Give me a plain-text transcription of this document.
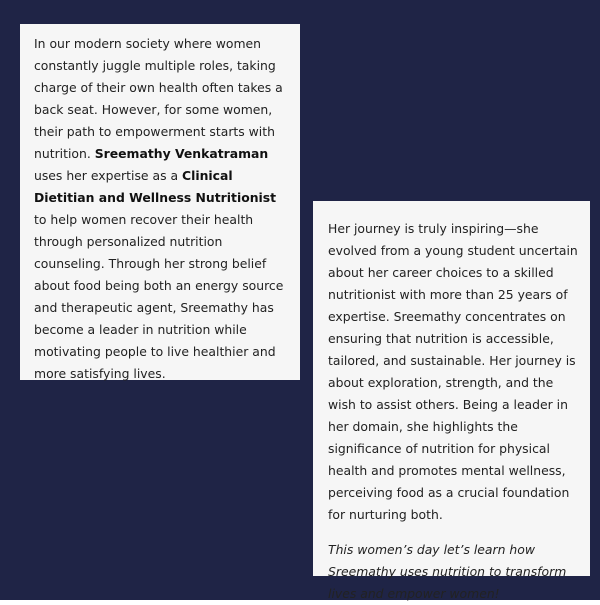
In our modern society where women constantly juggle multiple roles, taking charge of their own health often takes a back seat. However, for some women, their path to empowerment starts with nutrition. Sreemathy Venkatraman uses her expertise as a Clinical Dietitian and Wellness Nutritionist to help women recover their health through personalized nutrition counseling. Through her strong belief about food being both an energy source and therapeutic agent, Sreemathy has become a leader in nutrition while motivating people to live healthier and more satisfying lives.

Her journey is truly inspiring—she evolved from a young student uncertain about her career choices to a skilled nutritionist with more than 25 years of expertise. Sreemathy concentrates on ensuring that nutrition is accessible, tailored, and sustainable. Her journey is about exploration, strength, and the wish to assist others. Being a leader in her domain, she highlights the significance of nutrition for physical health and promotes mental wellness, perceiving food as a crucial foundation for nurturing both.

This women’s day let’s learn how Sreemathy uses nutrition to transform lives and empower women!
